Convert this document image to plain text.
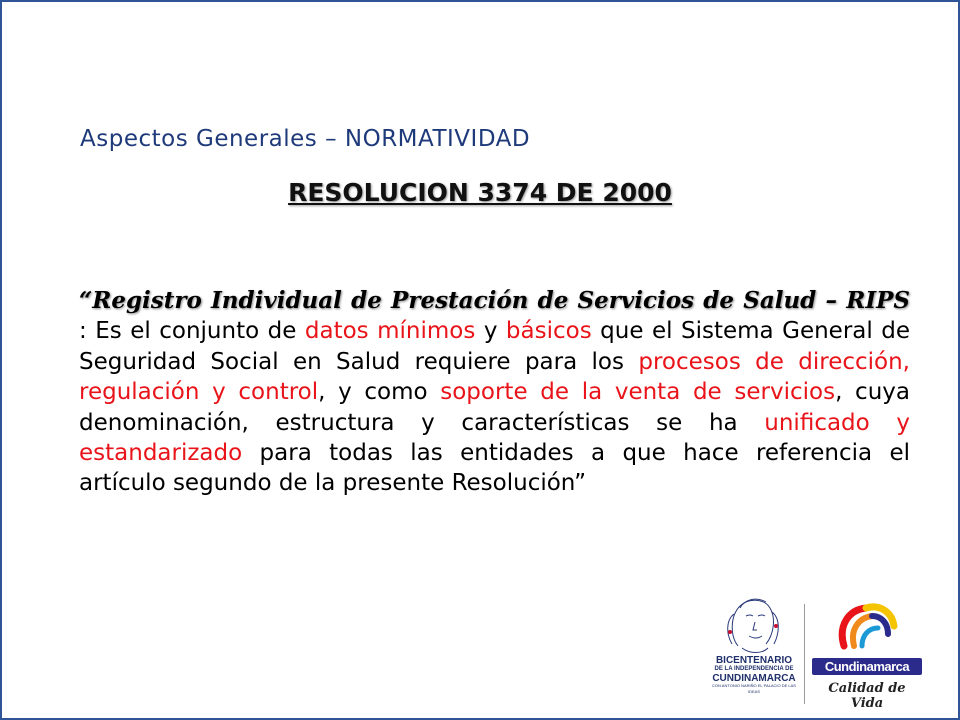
Aspectos Generales – NORMATIVIDAD
RESOLUCION 3374 DE 2000
“Registro Individual de Prestación de Servicios de Salud – RIPS : Es el conjunto de datos mínimos y básicos que el Sistema General de Seguridad Social en Salud requiere para los procesos de dirección, regulación y control, y como soporte de la venta de servicios, cuya denominación, estructura y características se ha unificado y estandarizado para todas las entidades a que hace referencia el artículo segundo de la presente Resolución”
BICENTENARIO
DE LA INDEPENDENCIA DE
CUNDINAMARCA
CON ANTONIO NARIÑO EL PALACIO DE LAS IDEAS
Cundinamarca
Calidad de Vida
